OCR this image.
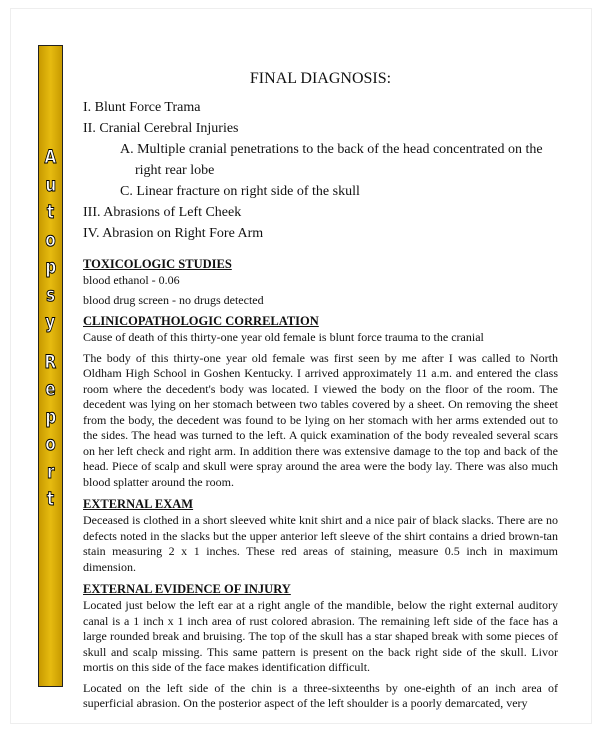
A
u
t
o
p
s
y
R
e
p
o
r
t
FINAL DIAGNOSIS:
I. Blunt Force Trama
II. Cranial Cerebral Injuries
A. Multiple cranial penetrations to the back of the head concentrated on the right rear lobe
C. Linear fracture on right side of the skull
III. Abrasions of Left Cheek
IV. Abrasion on Right Fore Arm
TOXICOLOGIC STUDIES

blood ethanol - 0.06

blood drug screen - no drugs detected

CLINICOPATHOLOGIC CORRELATION

Cause of death of this thirty-one year old female is blunt force trauma to the cranial

The body of this thirty-one year old female was first seen by me after I was called to North Oldham High School in Goshen Kentucky. I arrived approximately 11 a.m. and entered the class room where the decedent's body was located. I viewed the body on the floor of the room. The decedent was lying on her stomach between two tables covered by a sheet. On removing the sheet from the body, the decedent was found to be lying on her stomach with her arms extended out to the sides. The head was turned to the left. A quick examination of the body revealed several scars on her left check and right arm. In addition there was extensive damage to the top and back of the head. Piece of scalp and skull were spray around the area were the body lay. There was also much blood splatter around the room.

EXTERNAL EXAM

Deceased is clothed in a short sleeved white knit shirt and a nice pair of black slacks. There are no defects noted in the slacks but the upper anterior left sleeve of the shirt contains a dried brown-tan stain measuring 2 x 1 inches. These red areas of staining, measure 0.5 inch in maximum dimension.

EXTERNAL EVIDENCE OF INJURY

Located just below the left ear at a right angle of the mandible, below the right external auditory canal is a 1 inch x 1 inch area of rust colored abrasion. The remaining left side of the face has a large rounded break and bruising. The top of the skull has a star shaped break with some pieces of skull and scalp missing. This same pattern is present on the back right side of the skull. Livor mortis on this side of the face makes identification difficult.

Located on the left side of the chin is a three-sixteenths by one-eighth of an inch area of superficial abrasion. On the posterior aspect of the left shoulder is a poorly demarcated, very
